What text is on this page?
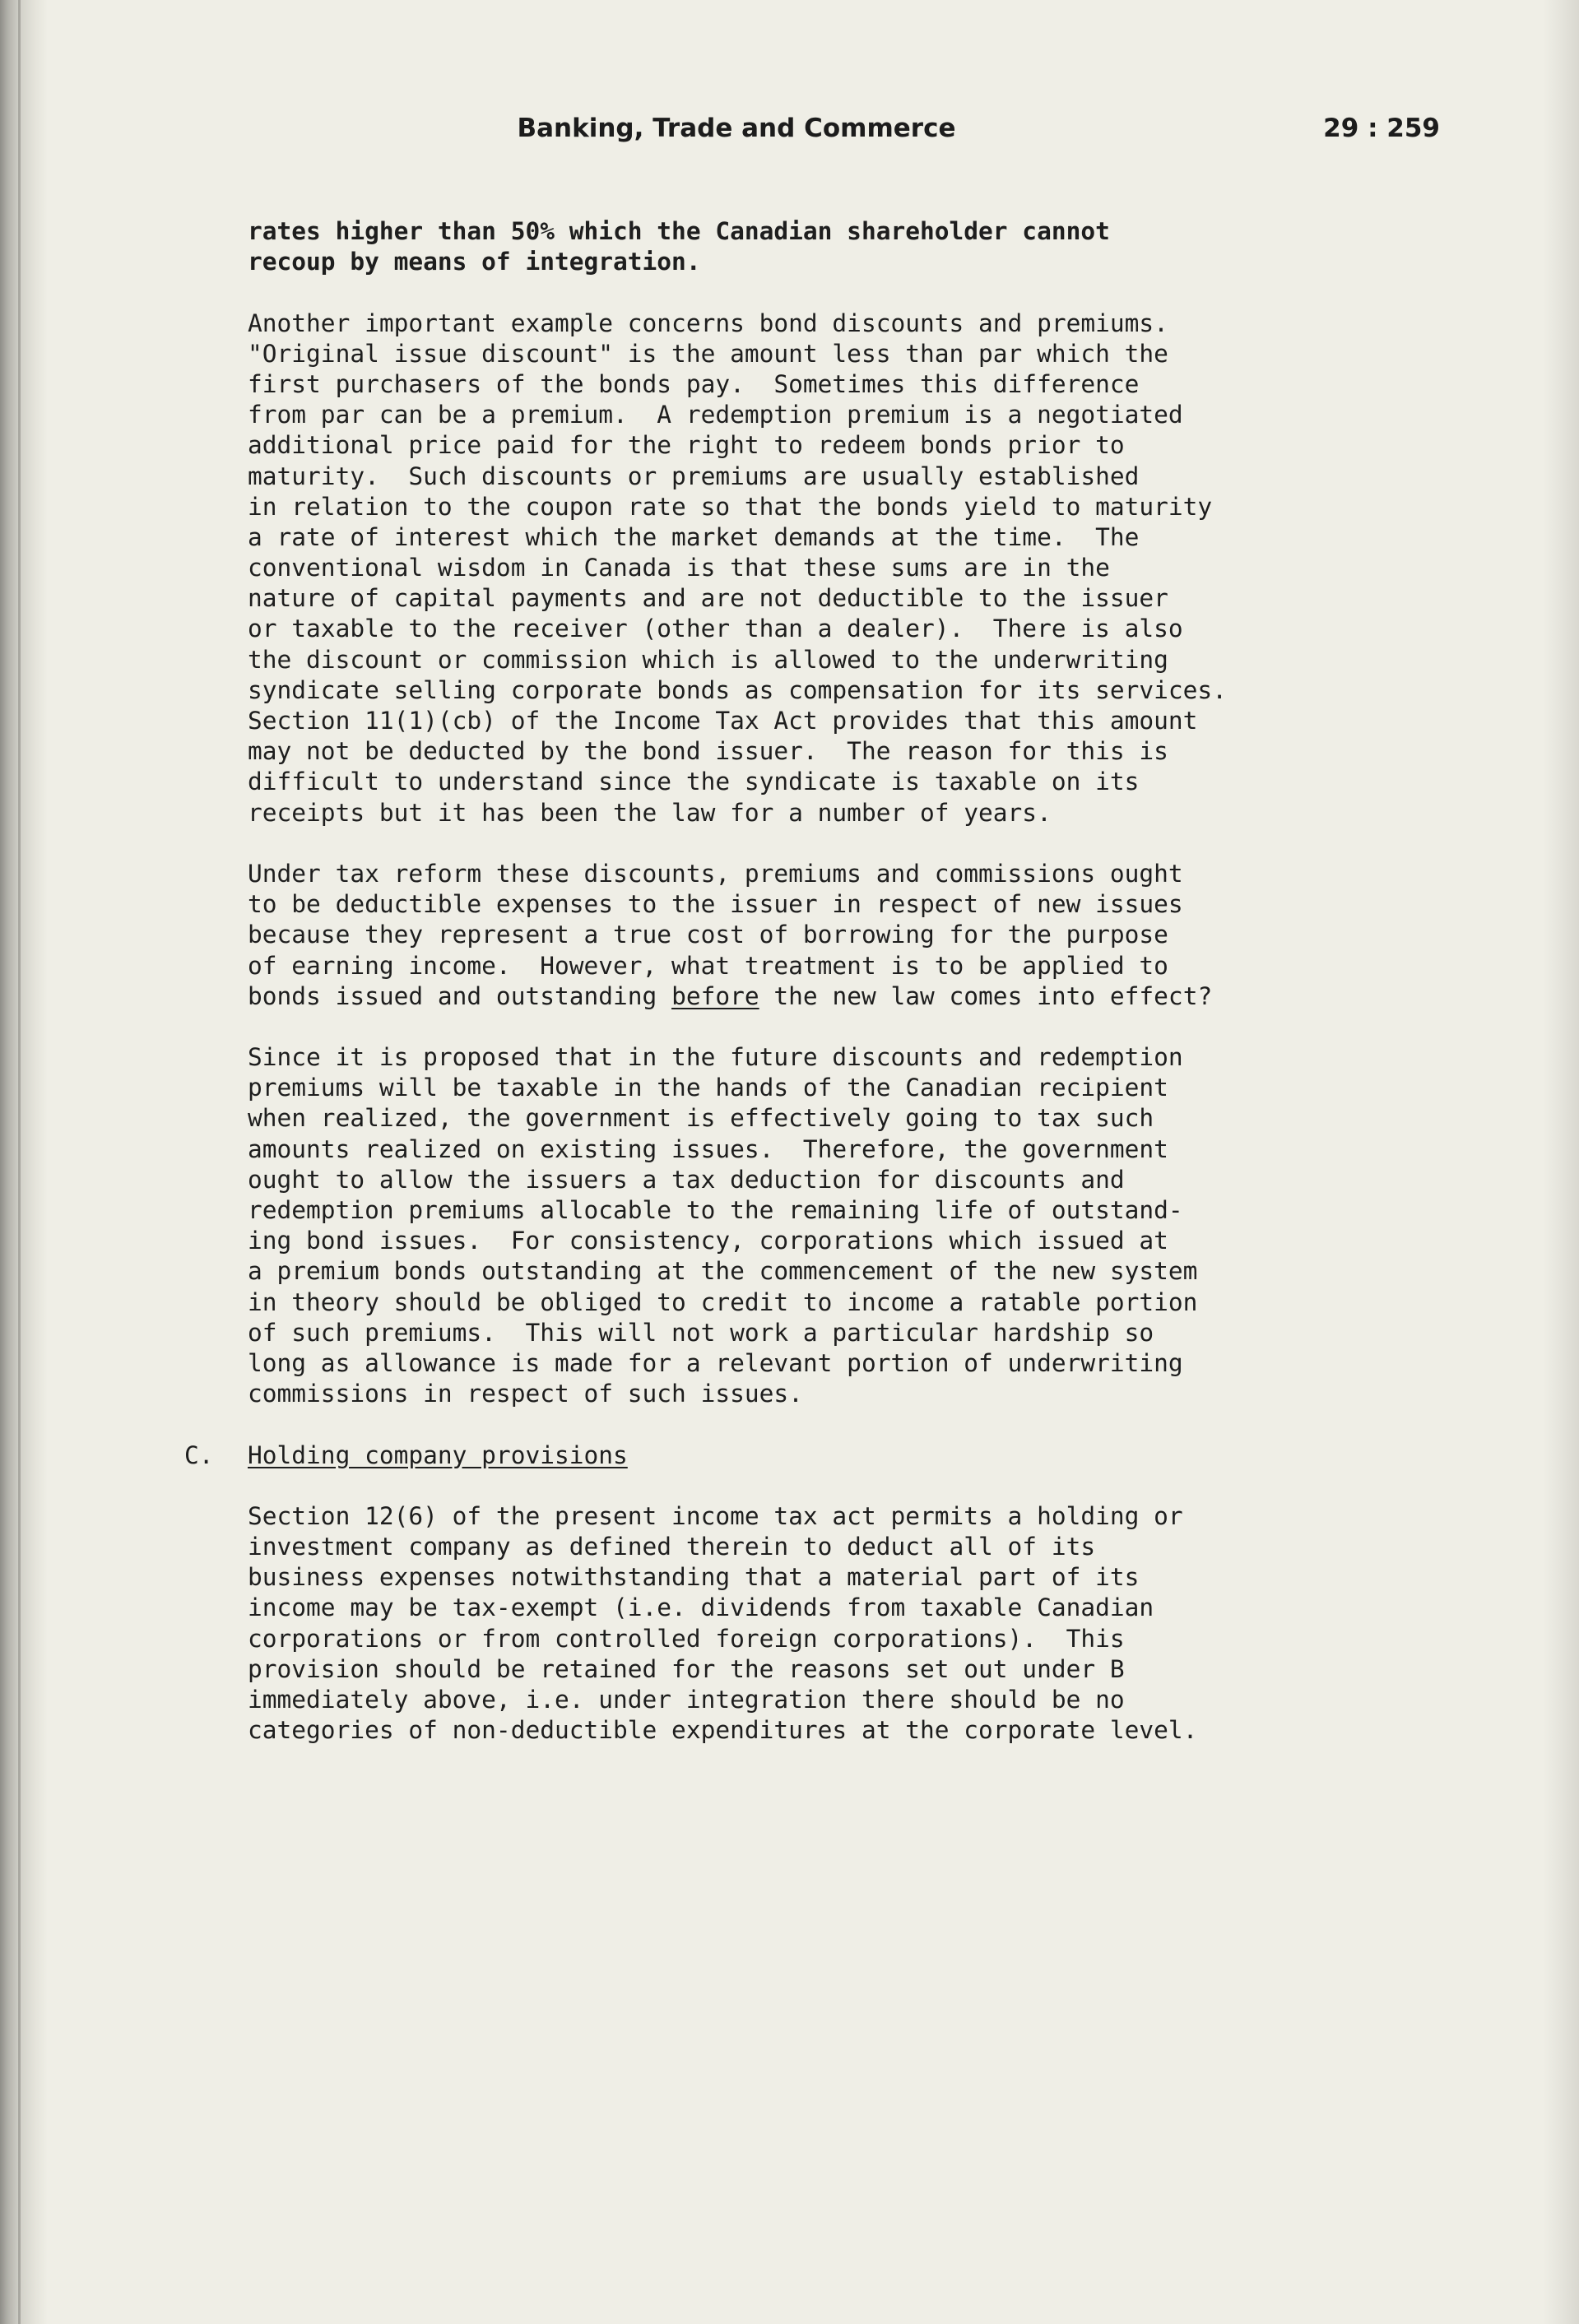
Banking, Trade and Commerce	29 : 259
rates higher than 50% which the Canadian shareholder cannot
recoup by means of integration.
Another important example concerns bond discounts and premiums.
"Original issue discount" is the amount less than par which the
first purchasers of the bonds pay.  Sometimes this difference
from par can be a premium.  A redemption premium is a negotiated
additional price paid for the right to redeem bonds prior to
maturity.  Such discounts or premiums are usually established
in relation to the coupon rate so that the bonds yield to maturity
a rate of interest which the market demands at the time.  The
conventional wisdom in Canada is that these sums are in the
nature of capital payments and are not deductible to the issuer
or taxable to the receiver (other than a dealer).  There is also
the discount or commission which is allowed to the underwriting
syndicate selling corporate bonds as compensation for its services.
Section 11(1)(cb) of the Income Tax Act provides that this amount
may not be deducted by the bond issuer.  The reason for this is
difficult to understand since the syndicate is taxable on its
receipts but it has been the law for a number of years.
Under tax reform these discounts, premiums and commissions ought
to be deductible expenses to the issuer in respect of new issues
because they represent a true cost of borrowing for the purpose
of earning income.  However, what treatment is to be applied to
bonds issued and outstanding before the new law comes into effect?
Since it is proposed that in the future discounts and redemption
premiums will be taxable in the hands of the Canadian recipient
when realized, the government is effectively going to tax such
amounts realized on existing issues.  Therefore, the government
ought to allow the issuers a tax deduction for discounts and
redemption premiums allocable to the remaining life of outstand-
ing bond issues.  For consistency, corporations which issued at
a premium bonds outstanding at the commencement of the new system
in theory should be obliged to credit to income a ratable portion
of such premiums.  This will not work a particular hardship so
long as allowance is made for a relevant portion of underwriting
commissions in respect of such issues.
C. Holding company provisions
Section 12(6) of the present income tax act permits a holding or
investment company as defined therein to deduct all of its
business expenses notwithstanding that a material part of its
income may be tax-exempt (i.e. dividends from taxable Canadian
corporations or from controlled foreign corporations).  This
provision should be retained for the reasons set out under B
immediately above, i.e. under integration there should be no
categories of non-deductible expenditures at the corporate level.
